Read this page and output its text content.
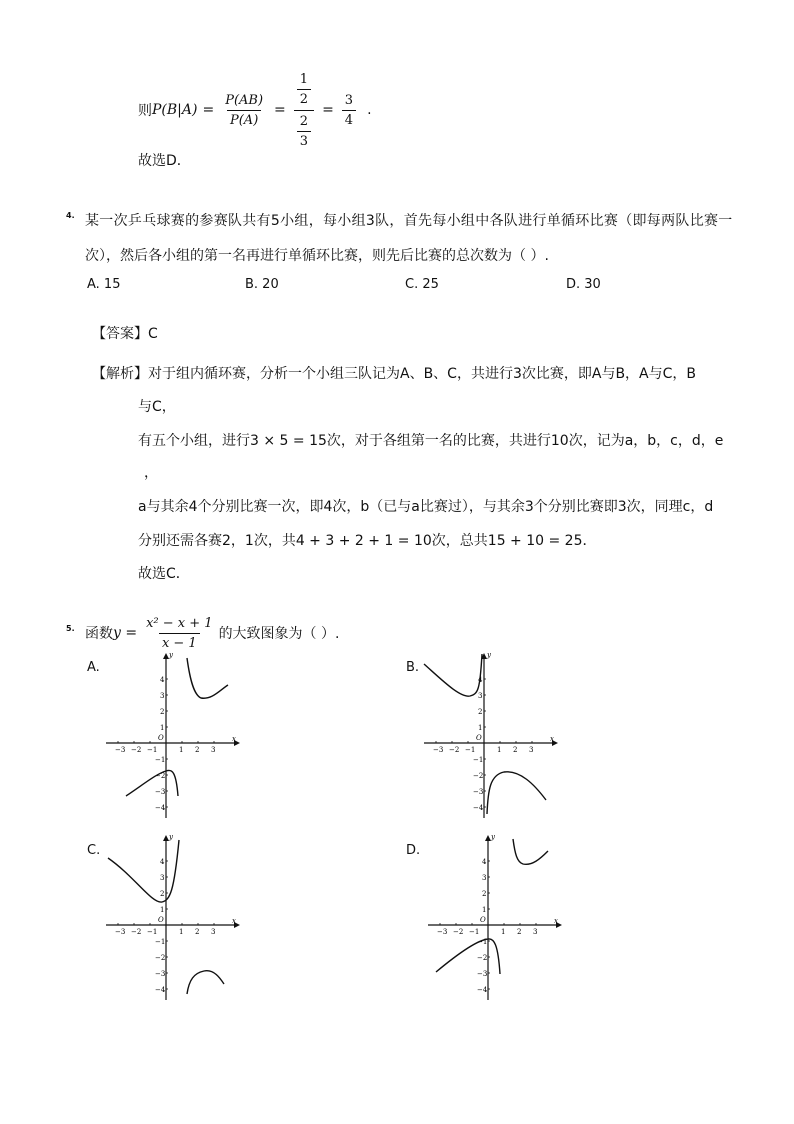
则 $P(B|A) = \frac{P(AB)}{P(A)} = \frac{\frac{1}{2}}{\frac{2}{3}} = \frac{3}{4}$ .
故选D．
4. 某一次乒乓球赛的参赛队共有5小组，每小组3队，首先每小组中各队进行单循环比赛（即每两队比赛一
次），然后各小组的第一名再进行单循环比赛，则先后比赛的总次数为（ ）.
A. 15	B. 20	C. 25	D. 30
【答案】C
【解析】对于组内循环赛，分析一个小组三队记为A、B、C，共进行3次比赛，即A与B，A与C，B
与C，
有五个小组，进行3 × 5 = 15次，对于各组第一名的比赛，共进行10次，记为a，b，c，d，e
，
a与其余4个分别比赛一次，即4次，b（已与a比赛过），与其余3个分别比赛即3次，同理c，d
分别还需各赛2，1次，共4 + 3 + 2 + 1 = 10次，总共15 + 10 = 25．
故选C．
5. 函数 $y = \frac{\text{x² − x + 1}}{x - 1}$ 的大致图象为（ ）.
A.	B.
C.	D.
x
y
−3 −2 −1
O
1 2 3
4
3
2
1
−1
−2
−3
−4
x
y
−3 −2 −1
O
1 2 3
4
3
2
1
−1
−2
−3
−4
x
y
−3 −2 −1
O
1 2 3
4
3
2
1
−1
−2
−3
−4
x
y
−3 −2 −1
O
1 2 3
4
3
2
1
−1
−2
−3
−4
